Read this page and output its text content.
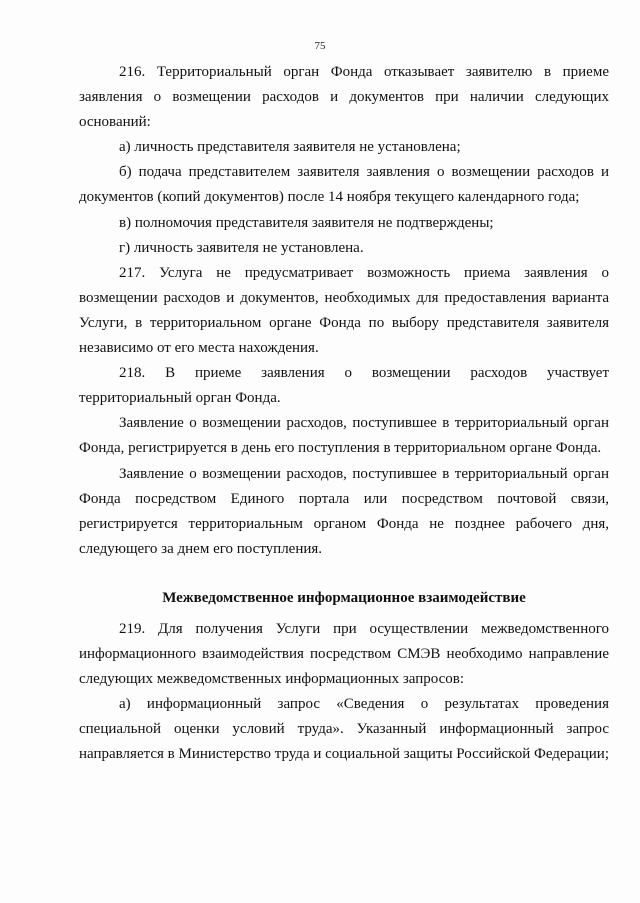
75

216. Территориальный орган Фонда отказывает заявителю в приеме заявления о возмещении расходов и документов при наличии следующих оснований:

а) личность представителя заявителя не установлена;

б) подача представителем заявителя заявления о возмещении расходов и документов (копий документов) после 14 ноября текущего календарного года;

в) полномочия представителя заявителя не подтверждены;

г) личность заявителя не установлена.

217. Услуга не предусматривает возможность приема заявления о возмещении расходов и документов, необходимых для предоставления варианта Услуги, в территориальном органе Фонда по выбору представителя заявителя независимо от его места нахождения.

218. В приеме заявления о возмещении расходов участвует территориальный орган Фонда.

Заявление о возмещении расходов, поступившее в территориальный орган Фонда, регистрируется в день его поступления в территориальном органе Фонда.

Заявление о возмещении расходов, поступившее в территориальный орган Фонда посредством Единого портала или посредством почтовой связи, регистрируется территориальным органом Фонда не позднее рабочего дня, следующего за днем его поступления.

Межведомственное информационное взаимодействие

219. Для получения Услуги при осуществлении межведомственного информационного взаимодействия посредством СМЭВ необходимо направление следующих межведомственных информационных запросов:

а) информационный запрос «Сведения о результатах проведения специальной оценки условий труда». Указанный информационный запрос направляется в Министерство труда и социальной защиты Российской Федерации;
